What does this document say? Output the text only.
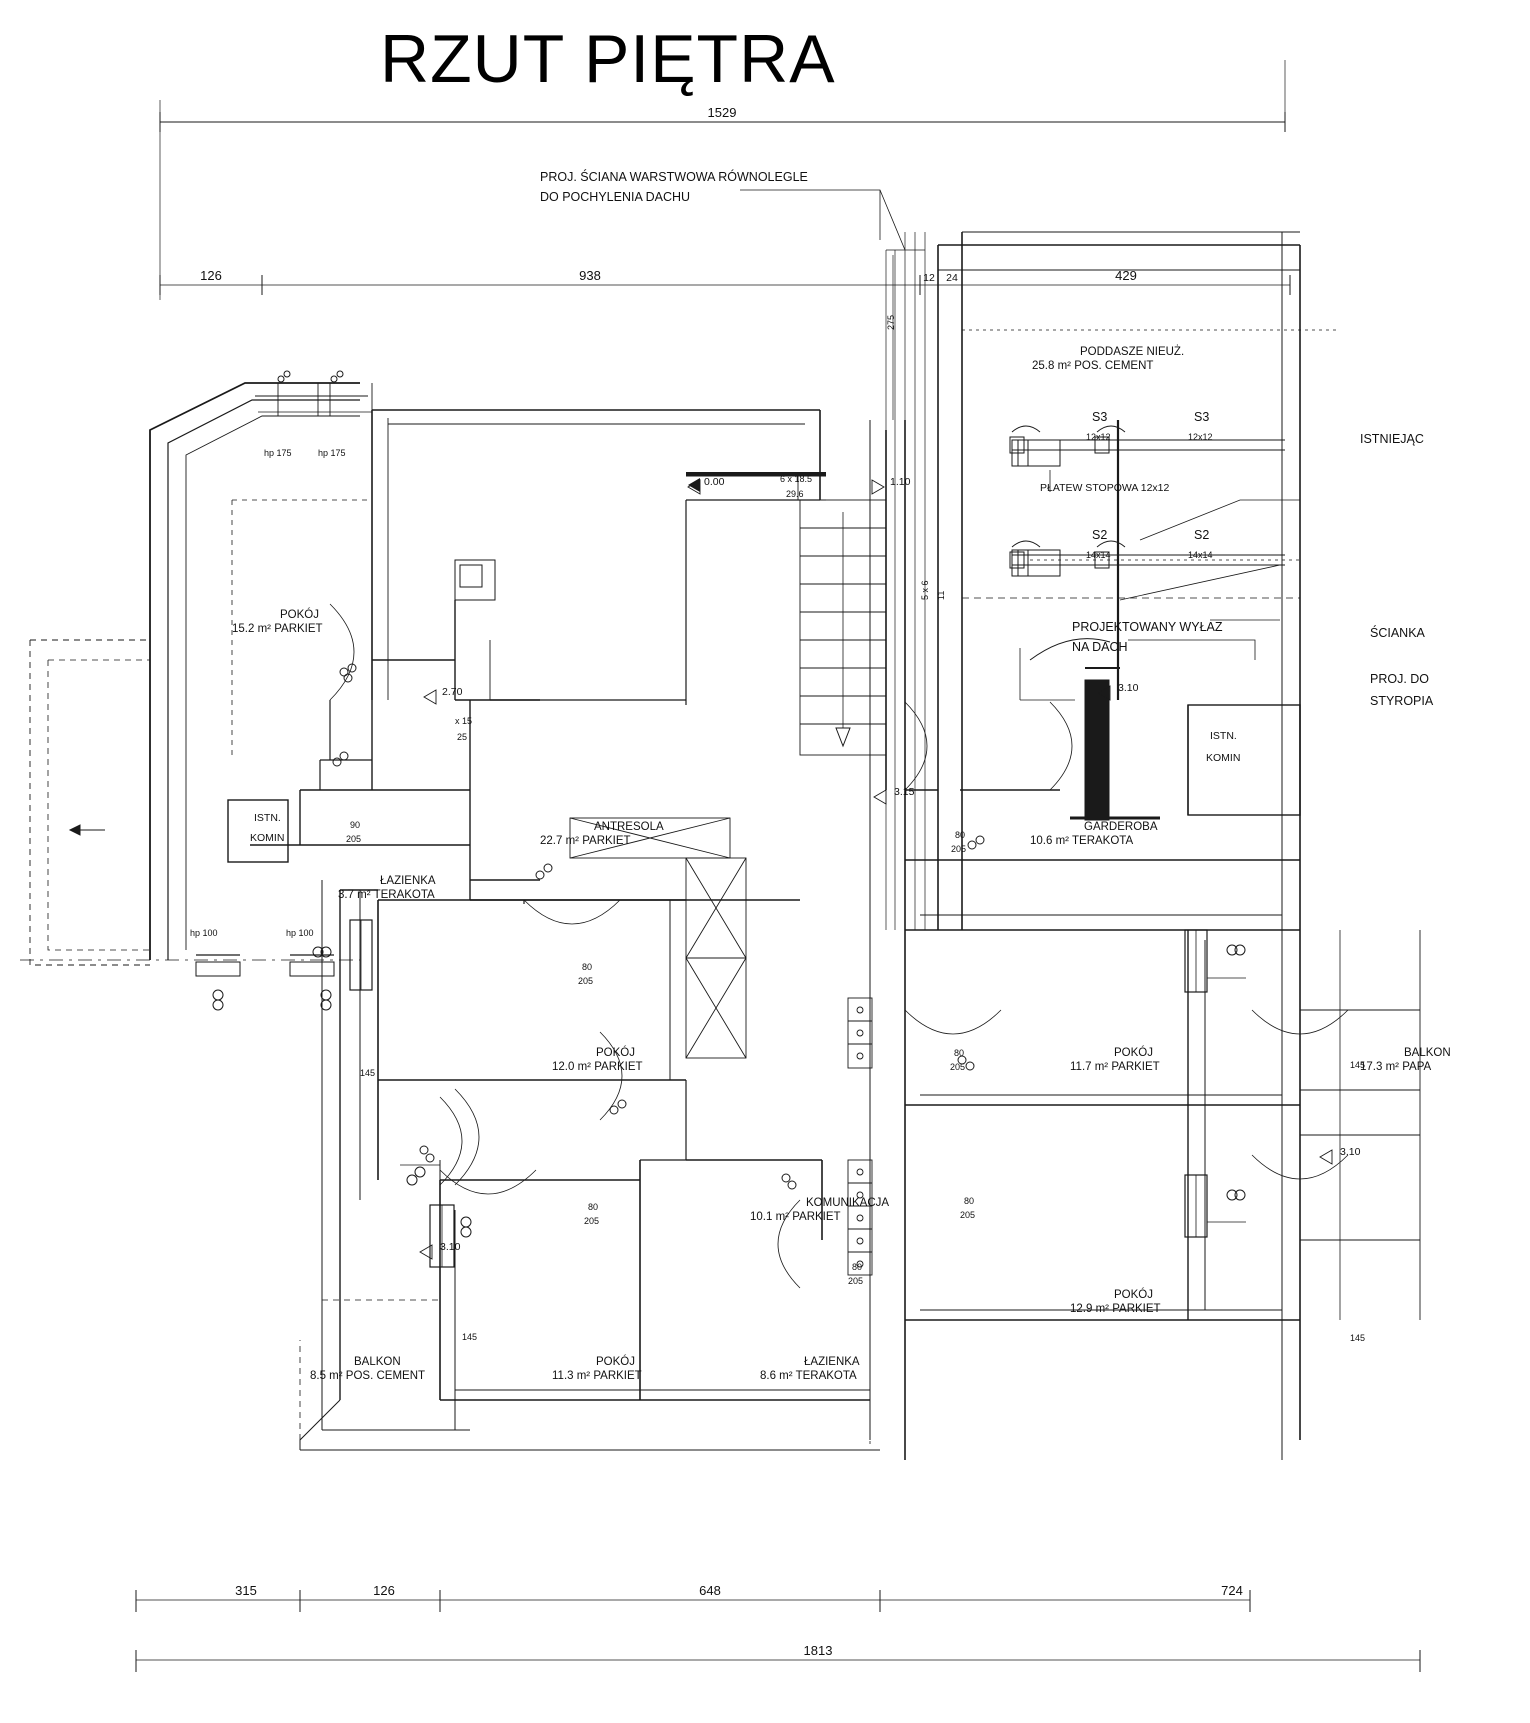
RZUT PIĘTRA
1529
126	938	12 24	429
275
315	126	648	724
1813
PROJ. ŚCIANA WARSTWOWA RÓWNOLEGLE
DO POCHYLENIA DACHU
PROJEKTOWANY WYŁAZ
NA DACH
PŁATEW STOPOWA 12x12
ISTNIEJĄC
ŚCIANKA
PROJ. DO
STYROPIA
0.00	1.10
2.70
3.15
3.10
3.10
3.10
6 x 18.5
29.6
5 x 6 11
S3
12x12
S3
12x12
S2
14x14
S2
14x14
POKÓJ
15.2 m² PARKIET
ANTRESOLA
22.7 m² PARKIET
ŁAZIENKA
3.7 m² TERAKOTA
PODDASZE NIEUŻ.
25.8 m² POS. CEMENT
GARDEROBA
10.6 m² TERAKOTA
POKÓJ
12.0 m² PARKIET
POKÓJ
11.7 m² PARKIET
BALKON
17.3 m² PAPA
POKÓJ
12.9 m² PARKIET
KOMUNIKACJA
10.1 m² PARKIET
POKÓJ
11.3 m² PARKIET
ŁAZIENKA
8.6 m² TERAKOTA
BALKON
8.5 m² POS. CEMENT
ISTN.
KOMIN
ISTN.
KOMIN
hp 175	hp 175
hp 100	hp 100
x 15
25
145
145
145
145
80
205
80
205
80
205
80
205
80
205
80
205
90
205
